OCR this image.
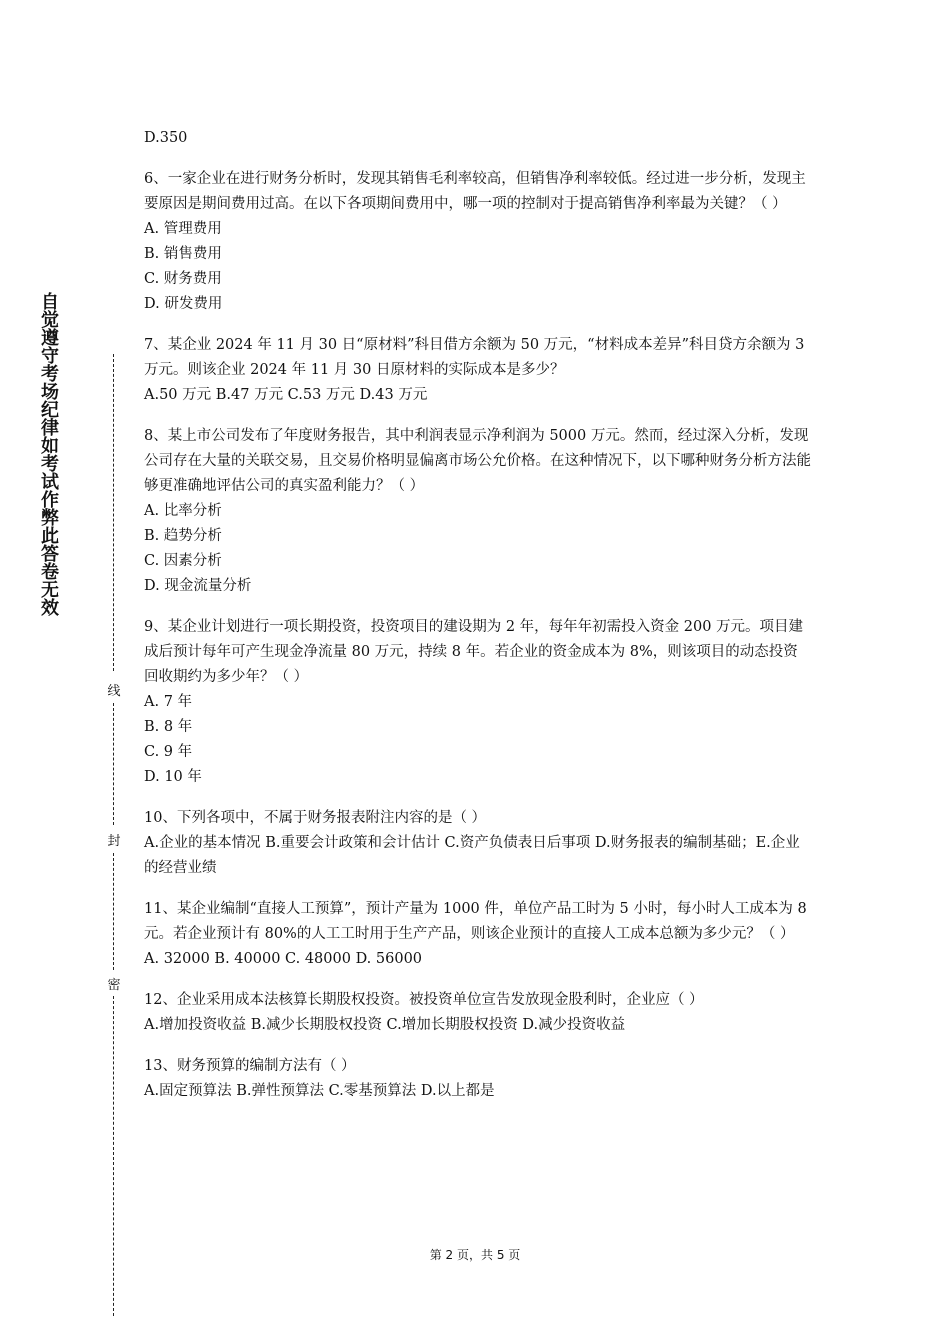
自觉遵守考场纪律如考试作弊此答卷无效
线
封
密

D.350

6、一家企业在进行财务分析时，发现其销售毛利率较高，但销售净利率较低。经过进一步分析，发现主要原因是期间费用过高。在以下各项期间费用中，哪一项的控制对于提高销售净利率最为关键？（ ）

A. 管理费用

B. 销售费用

C. 财务费用

D. 研发费用

7、某企业 2024 年 11 月 30 日“原材料”科目借方余额为 50 万元，“材料成本差异”科目贷方余额为 3 万元。则该企业 2024 年 11 月 30 日原材料的实际成本是多少？

A.50 万元 B.47 万元 C.53 万元 D.43 万元

8、某上市公司发布了年度财务报告，其中利润表显示净利润为 5000 万元。然而，经过深入分析，发现公司存在大量的关联交易，且交易价格明显偏离市场公允价格。在这种情况下，以下哪种财务分析方法能够更准确地评估公司的真实盈利能力？（ ）

A. 比率分析

B. 趋势分析

C. 因素分析

D. 现金流量分析

9、某企业计划进行一项长期投资，投资项目的建设期为 2 年，每年年初需投入资金 200 万元。项目建成后预计每年可产生现金净流量 80 万元，持续 8 年。若企业的资金成本为 8%，则该项目的动态投资回收期约为多少年？（ ）

A. 7 年

B. 8 年

C. 9 年

D. 10 年

10、下列各项中，不属于财务报表附注内容的是（ ）

A.企业的基本情况 B.重要会计政策和会计估计 C.资产负债表日后事项 D.财务报表的编制基础；E.企业的经营业绩

11、某企业编制“直接人工预算”，预计产量为 1000 件，单位产品工时为 5 小时，每小时人工成本为 8 元。若企业预计有 80%的人工工时用于生产产品，则该企业预计的直接人工成本总额为多少元？（ ）

A. 32000 B. 40000 C. 48000 D. 56000

12、企业采用成本法核算长期股权投资。被投资单位宣告发放现金股利时，企业应（ ）

A.增加投资收益 B.减少长期股权投资 C.增加长期股权投资 D.减少投资收益

13、财务预算的编制方法有（ ）

A.固定预算法 B.弹性预算法 C.零基预算法 D.以上都是

第 2 页，共 5 页
